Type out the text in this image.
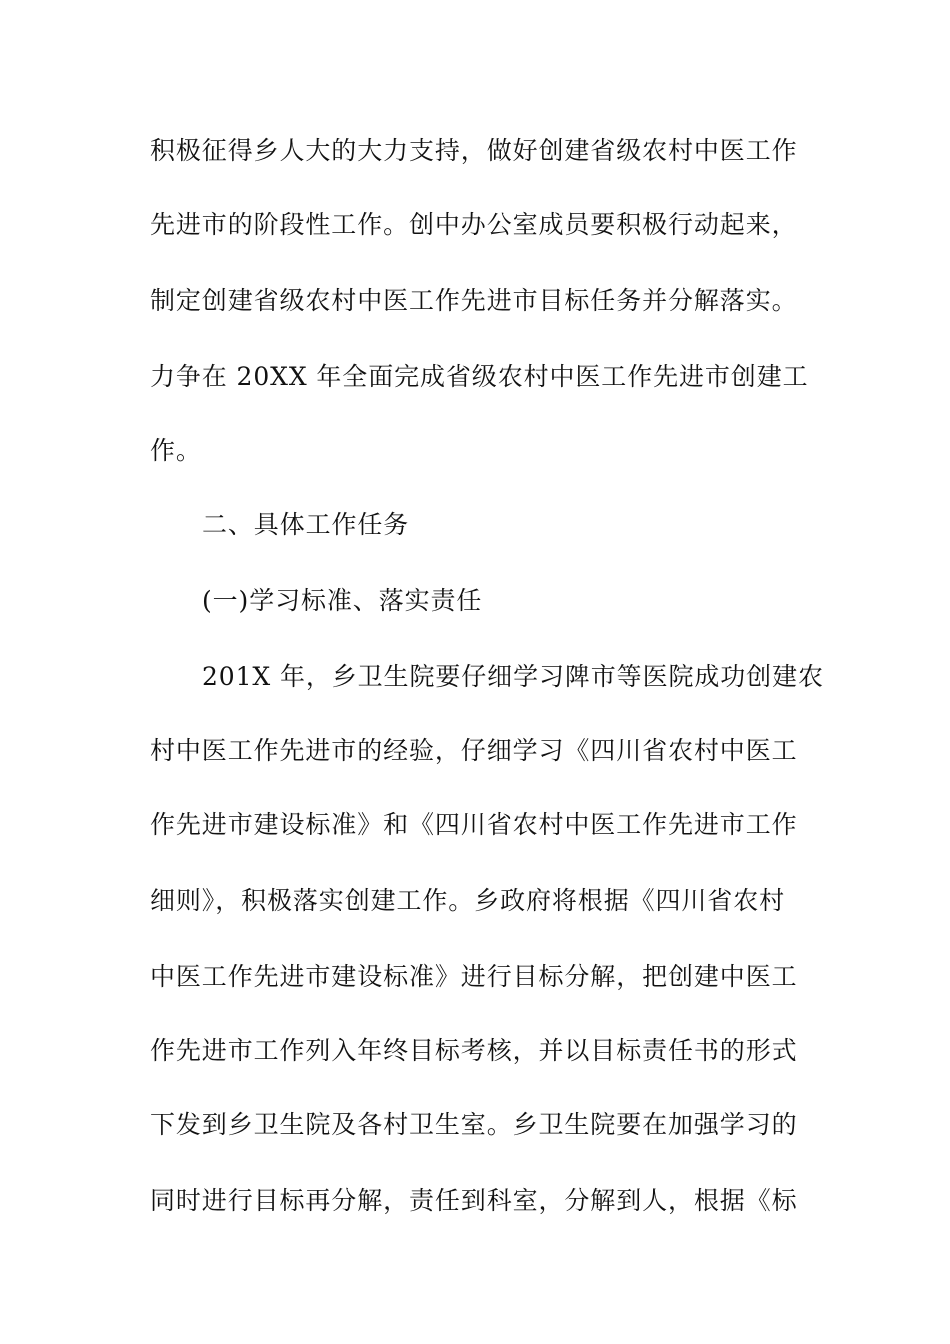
积极征得乡人大的大力支持，做好创建省级农村中医工作
先进市的阶段性工作。创中办公室成员要积极行动起来，
制定创建省级农村中医工作先进市目标任务并分解落实。
力争在 20XX 年全面完成省级农村中医工作先进市创建工
作。
二、具体工作任务
(一)学习标准、落实责任
201X 年，乡卫生院要仔细学习陴市等医院成功创建农
村中医工作先进市的经验，仔细学习《四川省农村中医工
作先进市建设标准》和《四川省农村中医工作先进市工作
细则》，积极落实创建工作。乡政府将根据《四川省农村
中医工作先进市建设标准》进行目标分解，把创建中医工
作先进市工作列入年终目标考核，并以目标责任书的形式
下发到乡卫生院及各村卫生室。乡卫生院要在加强学习的
同时进行目标再分解，责任到科室，分解到人，根据《标
